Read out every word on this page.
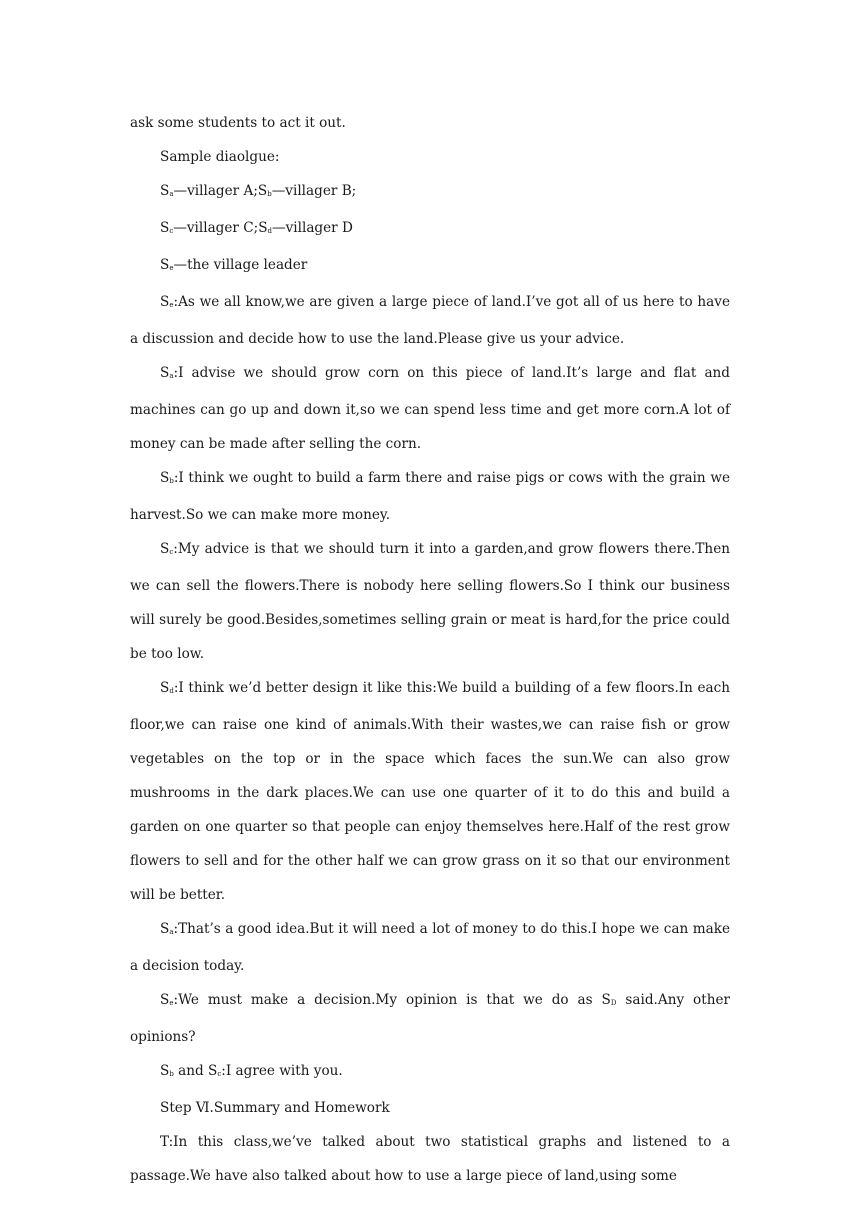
ask some students to act it out.

Sample diaolgue:

Sa—villager A;Sb—villager B;

Sc—villager C;Sd—villager D

Se—the village leader

Se:As we all know,we are given a large piece of land.I’ve got all of us here to have a discussion and decide how to use the land.Please give us your advice.

Sa:I advise we should grow corn on this piece of land.It’s large and flat and machines can go up and down it,so we can spend less time and get more corn.A lot of money can be made after selling the corn.

Sb:I think we ought to build a farm there and raise pigs or cows with the grain we harvest.So we can make more money.

Sc:My advice is that we should turn it into a garden,and grow flowers there.Then we can sell the flowers.There is nobody here selling flowers.So I think our business will surely be good.Besides,sometimes selling grain or meat is hard,for the price could be too low.

Sd:I think we’d better design it like this:We build a building of a few floors.In each floor,we can raise one kind of animals.With their wastes,we can raise fish or grow vegetables on the top or in the space which faces the sun.We can also grow mushrooms in the dark places.We can use one quarter of it to do this and build a garden on one quarter so that people can enjoy themselves here.Half of the rest grow flowers to sell and for the other half we can grow grass on it so that our environment will be better.

Sa:That’s a good idea.But it will need a lot of money to do this.I hope we can make a decision today.

Se:We must make a decision.My opinion is that we do as SD said.Any other opinions?

Sb and Sc:I agree with you.

Step Ⅵ.Summary and Homework

T:In this class,we’ve talked about two statistical graphs and listened to a passage.We have also talked about how to use a large piece of land,using some
